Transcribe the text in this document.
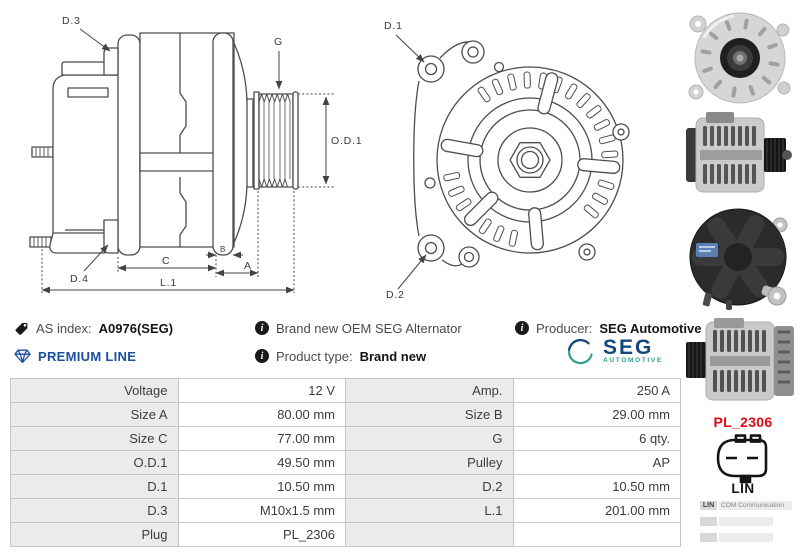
D.3
G
O.D.1
D.4
C
B
A
L.1
D.1
D.2
AS index: A0976(SEG)	i Brand new OEM SEG Alternator	i Producer: SEG Automotive
PREMIUM LINE	i Product type: Brand new	SEG
AUTOMOTIVE
Voltage	12 V	Amp.	250 A
Size A	80.00 mm	Size B	29.00 mm
Size C	77.00 mm	G	6 qty.
O.D.1	49.50 mm	Pulley	AP
D.1	10.50 mm	D.2	10.50 mm
D.3	M10x1.5 mm	L.1	201.00 mm
Plug	PL_2306		
PL_2306
LIN
LIN	COM Communication
